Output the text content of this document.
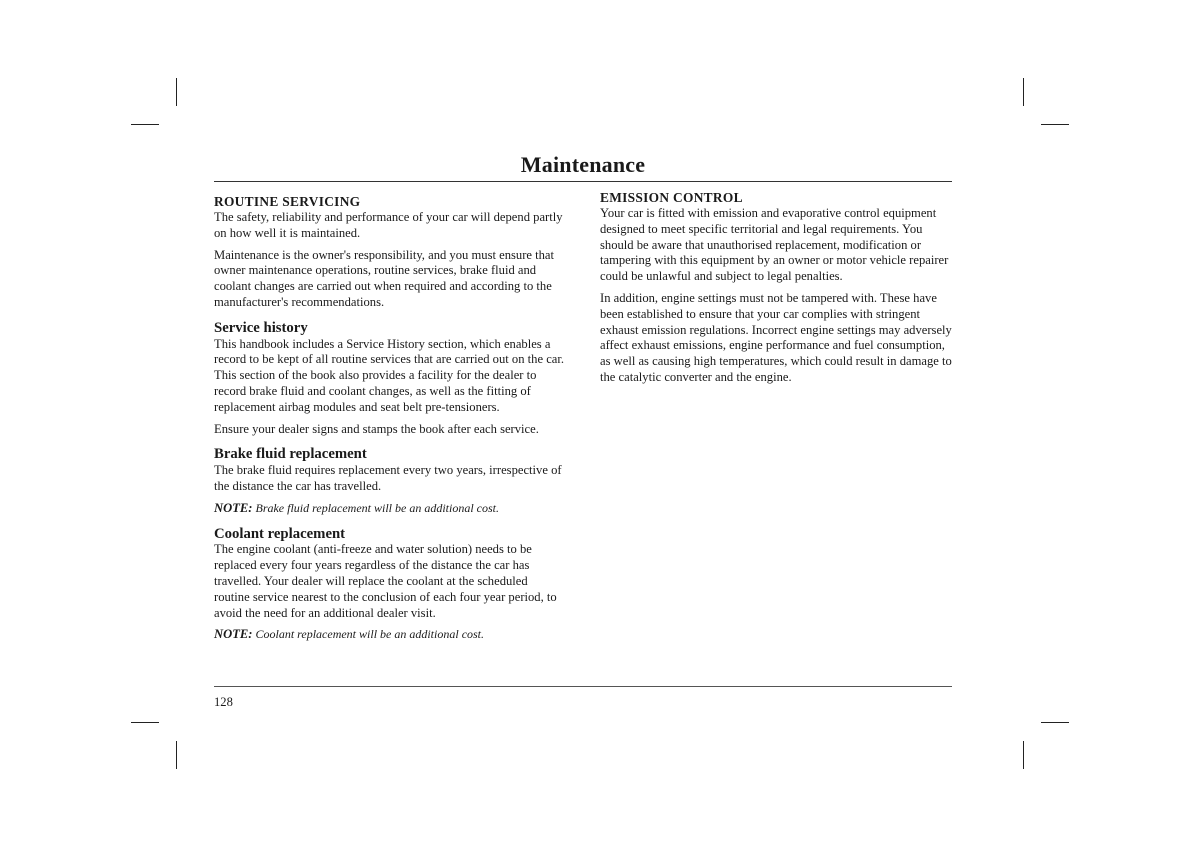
Maintenance
ROUTINE SERVICING

The safety, reliability and performance of your car will depend partly on how well it is maintained.

Maintenance is the owner's responsibility, and you must ensure that owner maintenance operations, routine services, brake fluid and coolant changes are carried out when required and according to the manufacturer's recommendations.

Service history

This handbook includes a Service History section, which enables a record to be kept of all routine services that are carried out on the car. This section of the book also provides a facility for the dealer to record brake fluid and coolant changes, as well as the fitting of replacement airbag modules and seat belt pre-tensioners.

Ensure your dealer signs and stamps the book after each service.

Brake fluid replacement

The brake fluid requires replacement every two years, irrespective of the distance the car has travelled.

NOTE: Brake fluid replacement will be an additional cost.

Coolant replacement

The engine coolant (anti-freeze and water solution) needs to be replaced every four years regardless of the distance the car has travelled. Your dealer will replace the coolant at the scheduled routine service nearest to the conclusion of each four year period, to avoid the need for an additional dealer visit.

NOTE: Coolant replacement will be an additional cost.

EMISSION CONTROL

Your car is fitted with emission and evaporative control equipment designed to meet specific territorial and legal requirements. You should be aware that unauthorised replacement, modification or tampering with this equipment by an owner or motor vehicle repairer could be unlawful and subject to legal penalties.

In addition, engine settings must not be tampered with. These have been established to ensure that your car complies with stringent exhaust emission regulations. Incorrect engine settings may adversely affect exhaust emissions, engine performance and fuel consumption, as well as causing high temperatures, which could result in damage to the catalytic converter and the engine.

128
